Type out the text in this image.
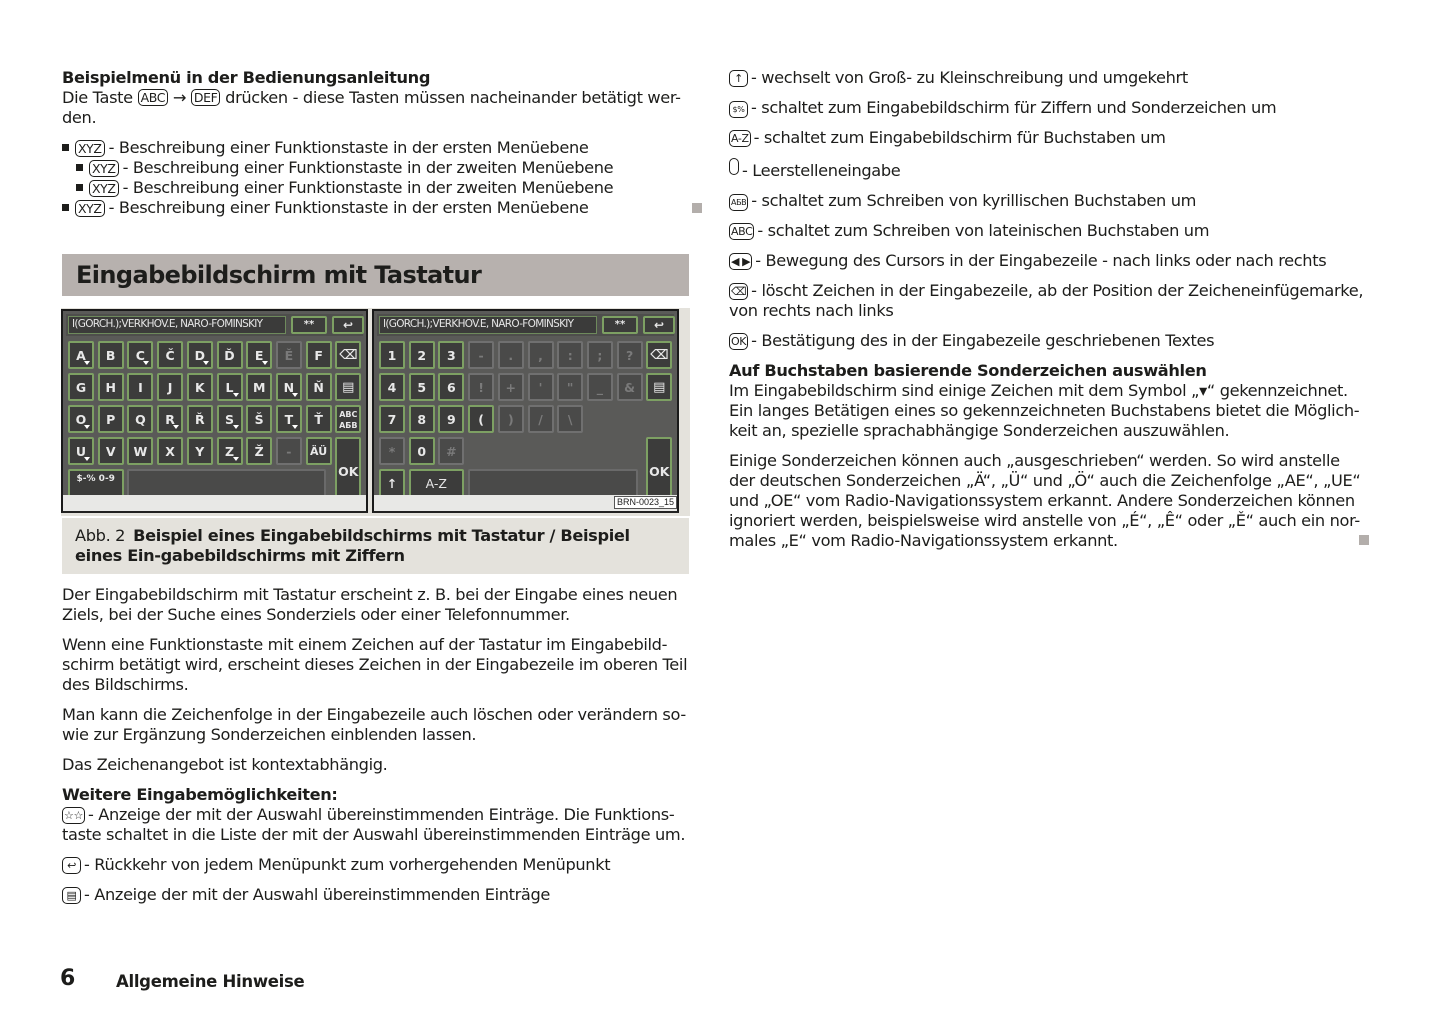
Beispielmenü in der Bedienungsanleitung

Die Taste ABC → DEF drücken - diese Tasten müssen nacheinander betätigt wer-den.

XYZ - Beschreibung einer Funktionstaste in der ersten Menüebene
XYZ - Beschreibung einer Funktionstaste in der zweiten Menüebene
XYZ - Beschreibung einer Funktionstaste in der zweiten Menüebene
XYZ - Beschreibung einer Funktionstaste in der ersten Menüebene
Eingabebildschirm mit Tastatur
I(GORCH.);VERKHOV.E, NARO-FOMINSKIY	**	↩
A	B	C	Č	D	Ď	E	Ě	F
G	H	I	J	K	L	M	N	Ň
O	P	Q	R	Ř	S	Š	T	Ť
U	V	W	X	Y	Z	Ž	-	ÄÜ
⌫
▤
ABC АБВ
OK
$-% 0-9
I(GORCH.);VERKHOV.E, NARO-FOMINSKIY	**	↩
1	2	3	-	.	,	:	;	?
4	5	6	!	+	'	"	_	&
7	8	9	(	)	/	\
*	0	#
⌫
▤
OK
↑	A-Z
BRN-0023_15
Abb. 2 Beispiel eines Eingabebildschirms mit Tastatur / Beispiel eines Ein-gabebildschirms mit Ziffern

Der Eingabebildschirm mit Tastatur erscheint z. B. bei der Eingabe eines neuen Ziels, bei der Suche eines Sonderziels oder einer Telefonnummer.

Wenn eine Funktionstaste mit einem Zeichen auf der Tastatur im Eingabebild-schirm betätigt wird, erscheint dieses Zeichen in der Eingabezeile im oberen Teil des Bildschirms.

Man kann die Zeichenfolge in der Eingabezeile auch löschen oder verändern so-wie zur Ergänzung Sonderzeichen einblenden lassen.

Das Zeichenangebot ist kontextabhängig.

Weitere Eingabemöglichkeiten:

☆☆ - Anzeige der mit der Auswahl übereinstimmenden Einträge. Die Funktions-taste schaltet in die Liste der mit der Auswahl übereinstimmenden Einträge um.
↩ - Rückkehr von jedem Menüpunkt zum vorhergehenden Menüpunkt
▤ - Anzeige der mit der Auswahl übereinstimmenden Einträge
↑ - wechselt von Groß- zu Kleinschreibung und umgekehrt
$% - schaltet zum Eingabebildschirm für Ziffern und Sonderzeichen um
A-Z - schaltet zum Eingabebildschirm für Buchstaben um
- Leerstelleneingabe
АБВ - schaltet zum Schreiben von kyrillischen Buchstaben um
ABC - schaltet zum Schreiben von lateinischen Buchstaben um
◀ ▶ - Bewegung des Cursors in der Eingabezeile - nach links oder nach rechts
⌫ - löscht Zeichen in der Eingabezeile, ab der Position der Zeicheneinfügemarke, von rechts nach links
OK - Bestätigung des in der Eingabezeile geschriebenen Textes

Auf Buchstaben basierende Sonderzeichen auswählen

Im Eingabebildschirm sind einige Zeichen mit dem Symbol „▾“ gekennzeichnet. Ein langes Betätigen eines so gekennzeichneten Buchstabens bietet die Möglich-keit an, spezielle sprachabhängige Sonderzeichen auszuwählen.

Einige Sonderzeichen können auch „ausgeschrieben“ werden. So wird anstelle der deutschen Sonderzeichen „Ä“, „Ü“ und „Ö“ auch die Zeichenfolge „AE“, „UE“ und „OE“ vom Radio-Navigationssystem erkannt. Andere Sonderzeichen können ignoriert werden, beispielsweise wird anstelle von „É“, „Ê“ oder „Ě“ auch ein nor-males „E“ vom Radio-Navigationssystem erkannt.

6 Allgemeine Hinweise
